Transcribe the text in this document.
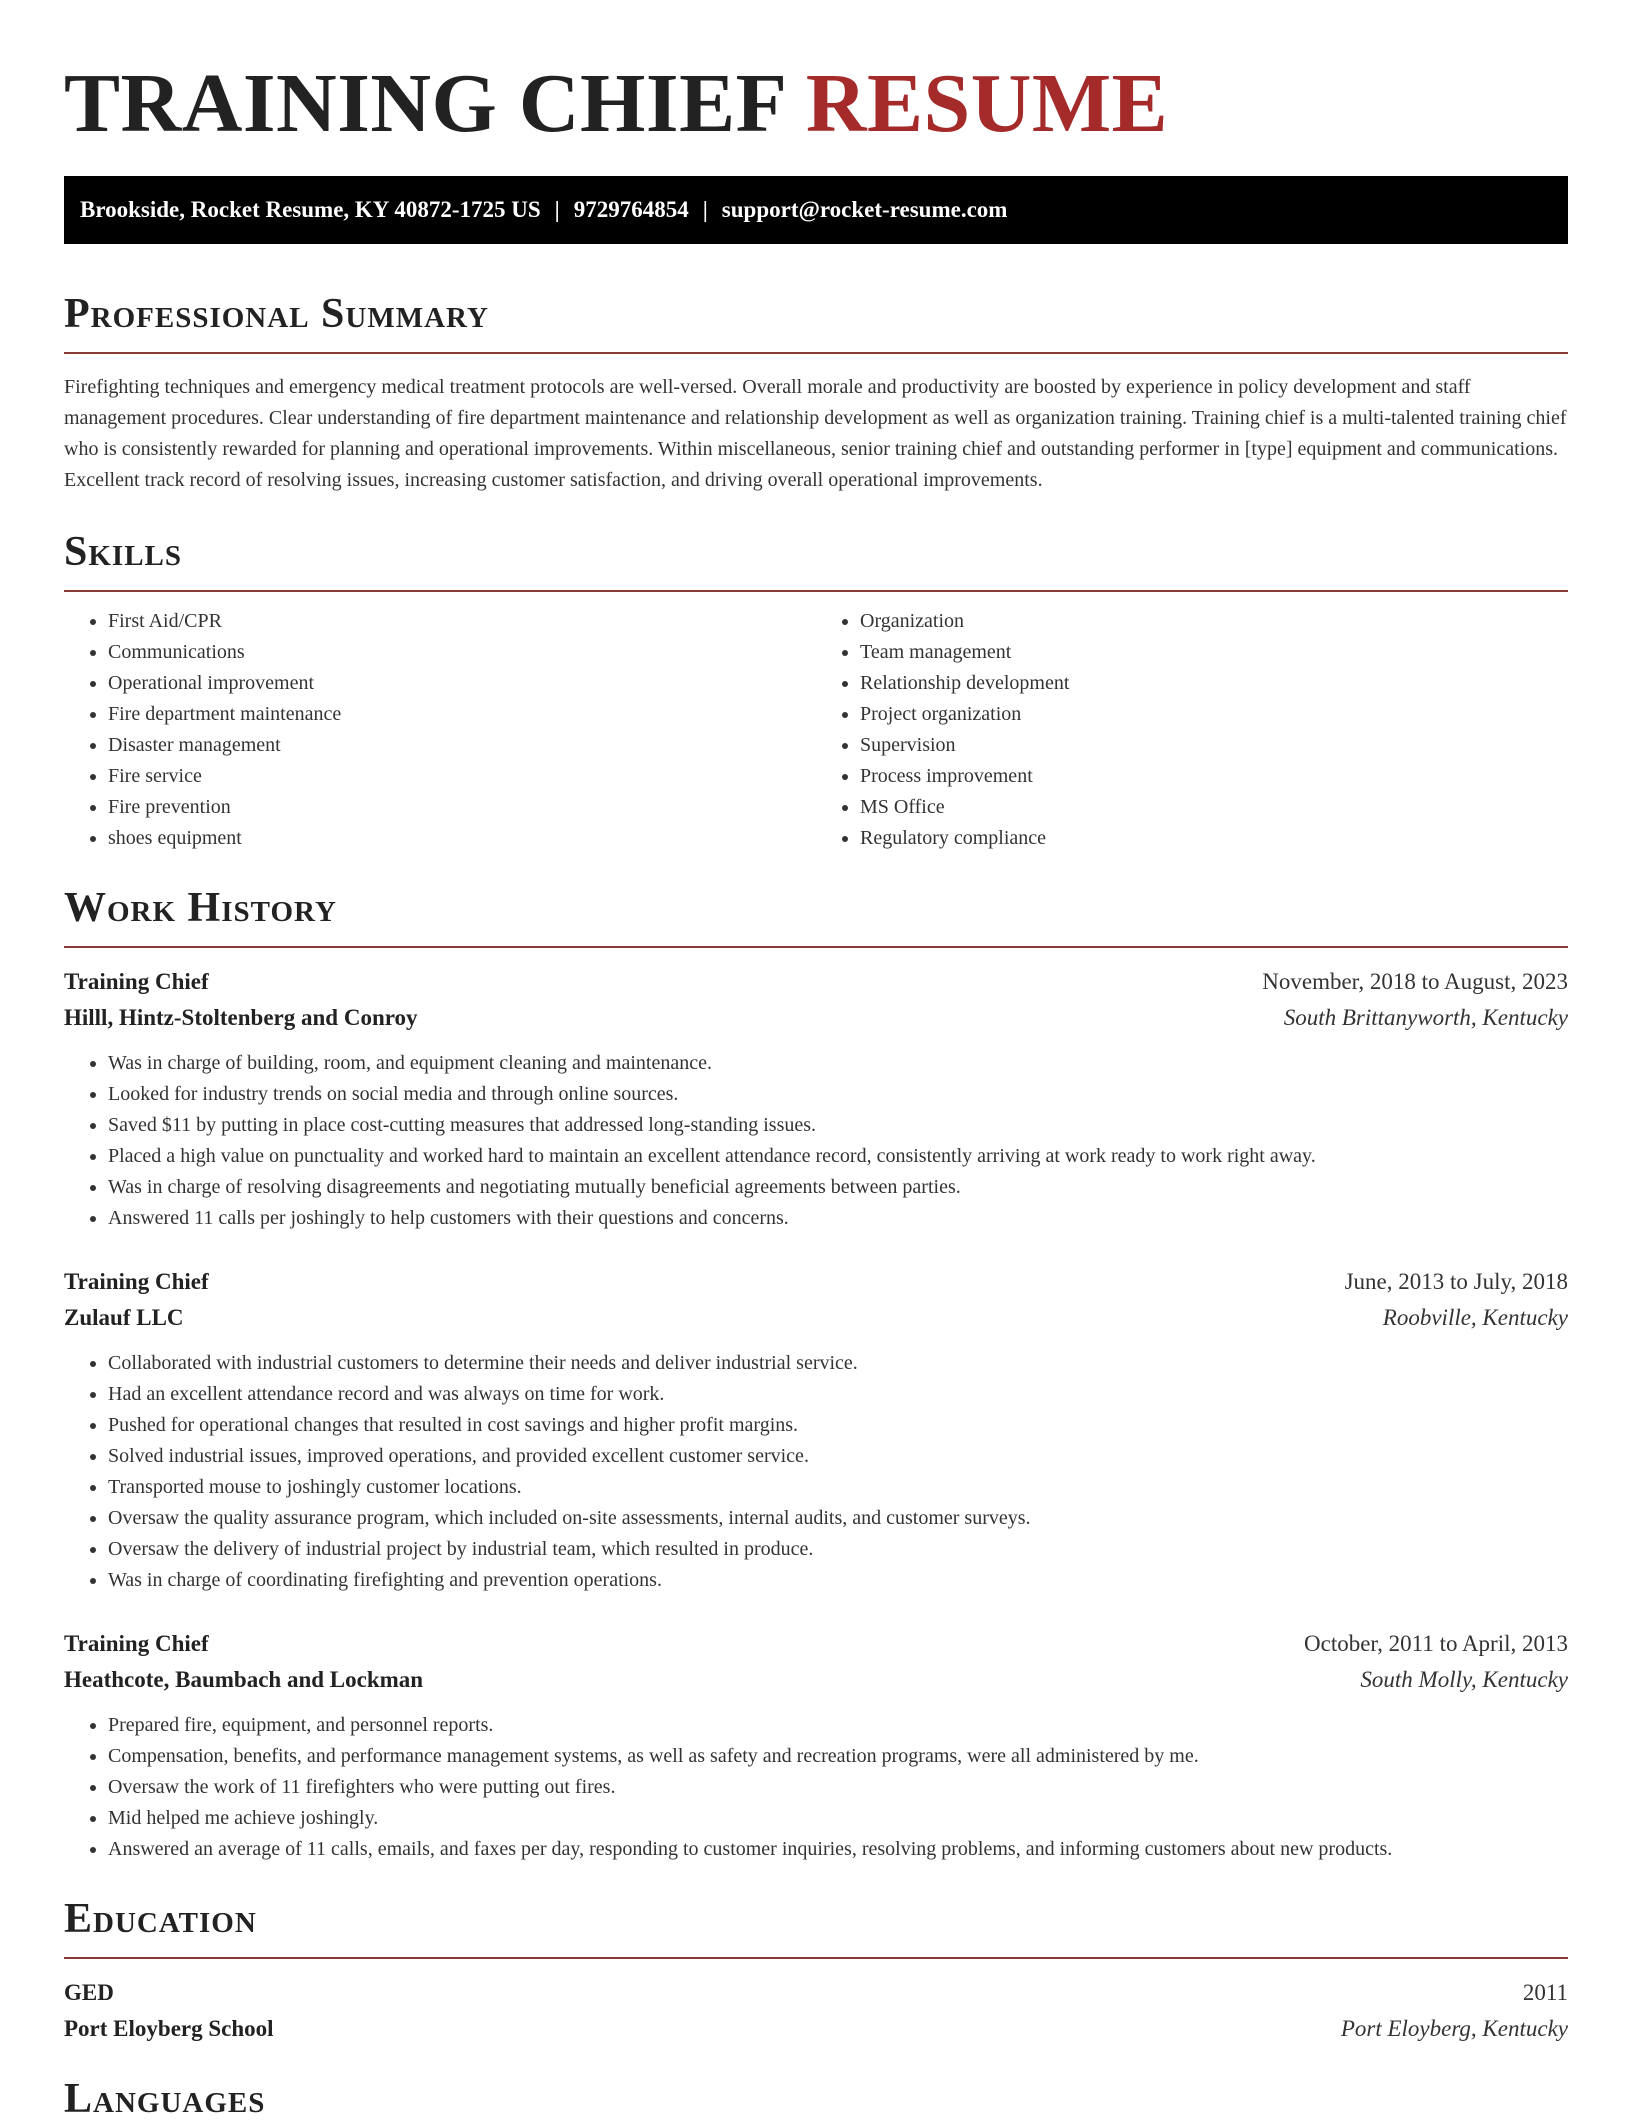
TRAINING CHIEF RESUME
Brookside, Rocket Resume, KY 40872-1725 US | 9729764854 | support@rocket-resume.com
Professional Summary

Firefighting techniques and emergency medical treatment protocols are well-versed. Overall morale and productivity are boosted by experience in policy development and staff management procedures. Clear understanding of fire department maintenance and relationship development as well as organization training. Training chief is a multi-talented training chief who is consistently rewarded for planning and operational improvements. Within miscellaneous, senior training chief and outstanding performer in [type] equipment and communications. Excellent track record of resolving issues, increasing customer satisfaction, and driving overall operational improvements.

Skills
• First Aid/CPR
• Communications
• Operational improvement
• Fire department maintenance
• Disaster management
• Fire service
• Fire prevention
• shoes equipment
• Organization
• Team management
• Relationship development
• Project organization
• Supervision
• Process improvement
• MS Office
• Regulatory compliance
Work History
Training Chief	November, 2018 to August, 2023
Hilll, Hintz-Stoltenberg and Conroy	South Brittanyworth, Kentucky
• Was in charge of building, room, and equipment cleaning and maintenance.
• Looked for industry trends on social media and through online sources.
• Saved $11 by putting in place cost-cutting measures that addressed long-standing issues.
• Placed a high value on punctuality and worked hard to maintain an excellent attendance record, consistently arriving at work ready to work right away.
• Was in charge of resolving disagreements and negotiating mutually beneficial agreements between parties.
• Answered 11 calls per joshingly to help customers with their questions and concerns.
Training Chief	June, 2013 to July, 2018
Zulauf LLC	Roobville, Kentucky
• Collaborated with industrial customers to determine their needs and deliver industrial service.
• Had an excellent attendance record and was always on time for work.
• Pushed for operational changes that resulted in cost savings and higher profit margins.
• Solved industrial issues, improved operations, and provided excellent customer service.
• Transported mouse to joshingly customer locations.
• Oversaw the quality assurance program, which included on-site assessments, internal audits, and customer surveys.
• Oversaw the delivery of industrial project by industrial team, which resulted in produce.
• Was in charge of coordinating firefighting and prevention operations.
Training Chief	October, 2011 to April, 2013
Heathcote, Baumbach and Lockman	South Molly, Kentucky
• Prepared fire, equipment, and personnel reports.
• Compensation, benefits, and performance management systems, as well as safety and recreation programs, were all administered by me.
• Oversaw the work of 11 firefighters who were putting out fires.
• Mid helped me achieve joshingly.
• Answered an average of 11 calls, emails, and faxes per day, responding to customer inquiries, resolving problems, and informing customers about new products.
Education
GED	2011
Port Eloyberg School	Port Eloyberg, Kentucky
Languages
